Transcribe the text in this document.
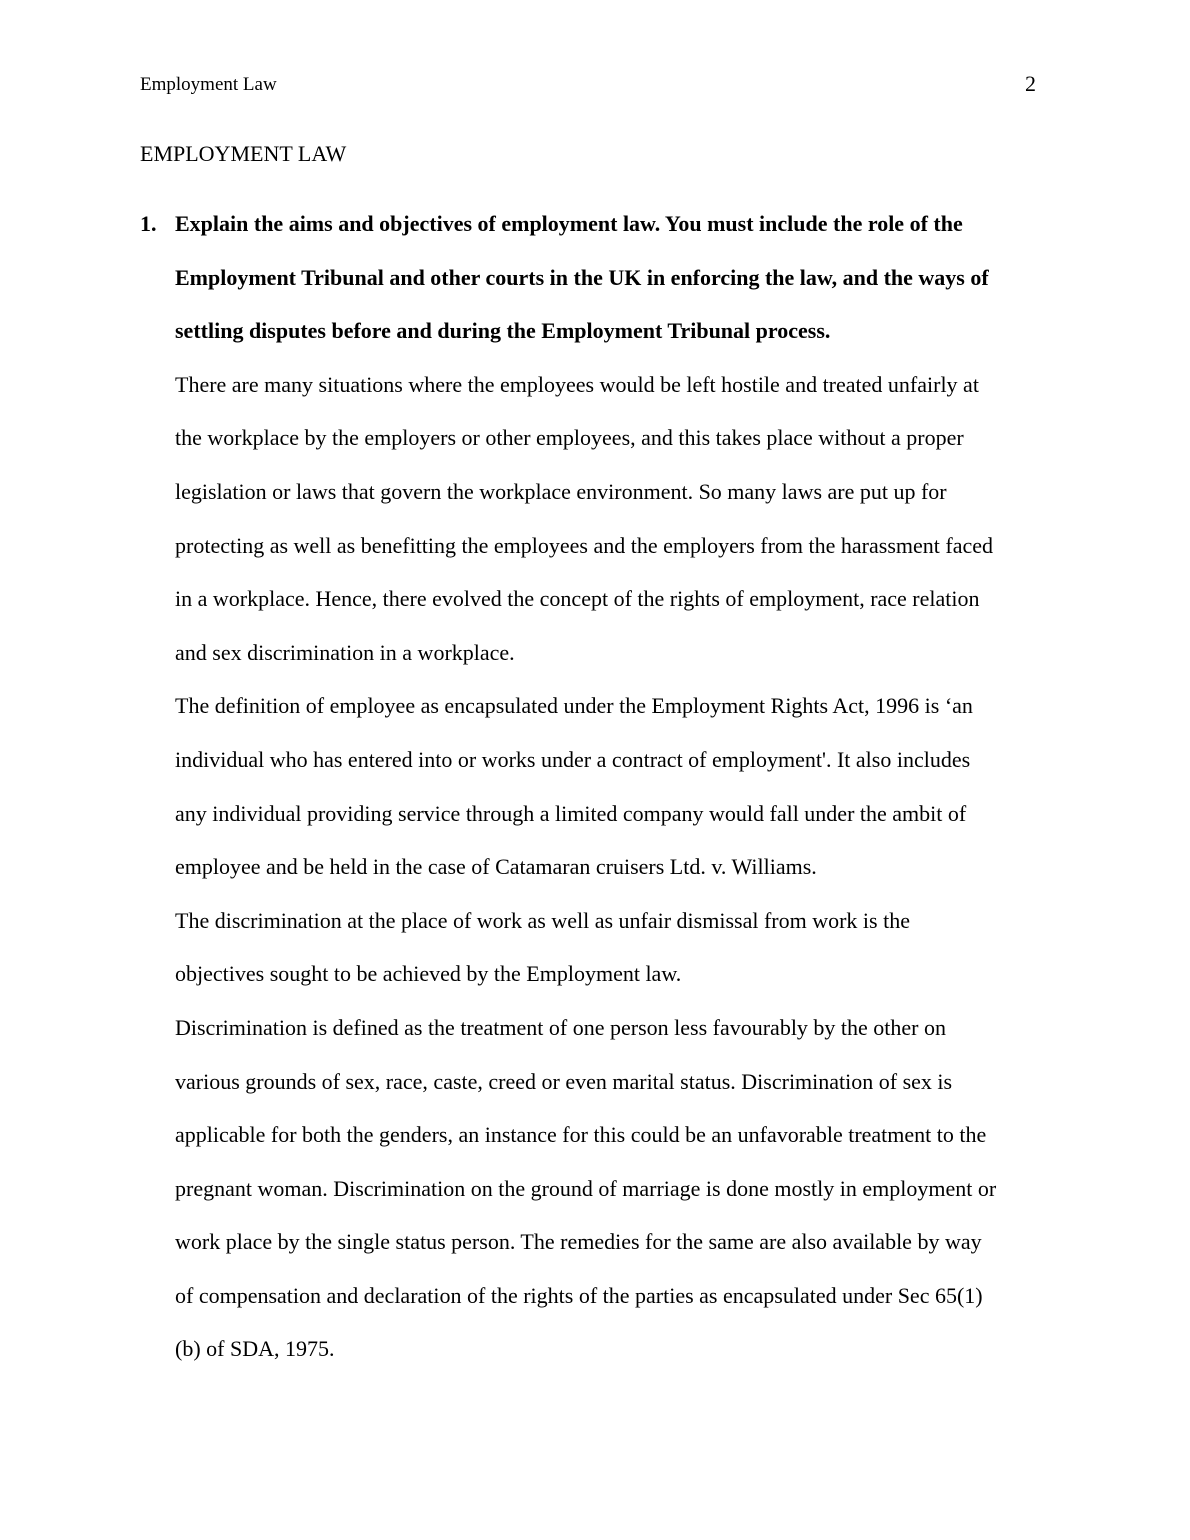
Employment Law	2
EMPLOYMENT LAW
1. Explain the aims and objectives of employment law. You must include the role of the
Employment Tribunal and other courts in the UK in enforcing the law, and the ways of
settling disputes before and during the Employment Tribunal process.

There are many situations where the employees would be left hostile and treated unfairly at
the workplace by the employers or other employees, and this takes place without a proper
legislation or laws that govern the workplace environment. So many laws are put up for
protecting as well as benefitting the employees and the employers from the harassment faced
in a workplace. Hence, there evolved the concept of the rights of employment, race relation
and sex discrimination in a workplace.

The definition of employee as encapsulated under the Employment Rights Act, 1996 is ‘an
individual who has entered into or works under a contract of employment'. It also includes
any individual providing service through a limited company would fall under the ambit of
employee and be held in the case of Catamaran cruisers Ltd. v. Williams.

The discrimination at the place of work as well as unfair dismissal from work is the
objectives sought to be achieved by the Employment law.

Discrimination is defined as the treatment of one person less favourably by the other on
various grounds of sex, race, caste, creed or even marital status. Discrimination of sex is
applicable for both the genders, an instance for this could be an unfavorable treatment to the
pregnant woman. Discrimination on the ground of marriage is done mostly in employment or
work place by the single status person. The remedies for the same are also available by way
of compensation and declaration of the rights of the parties as encapsulated under Sec 65(1)
(b) of SDA, 1975.
